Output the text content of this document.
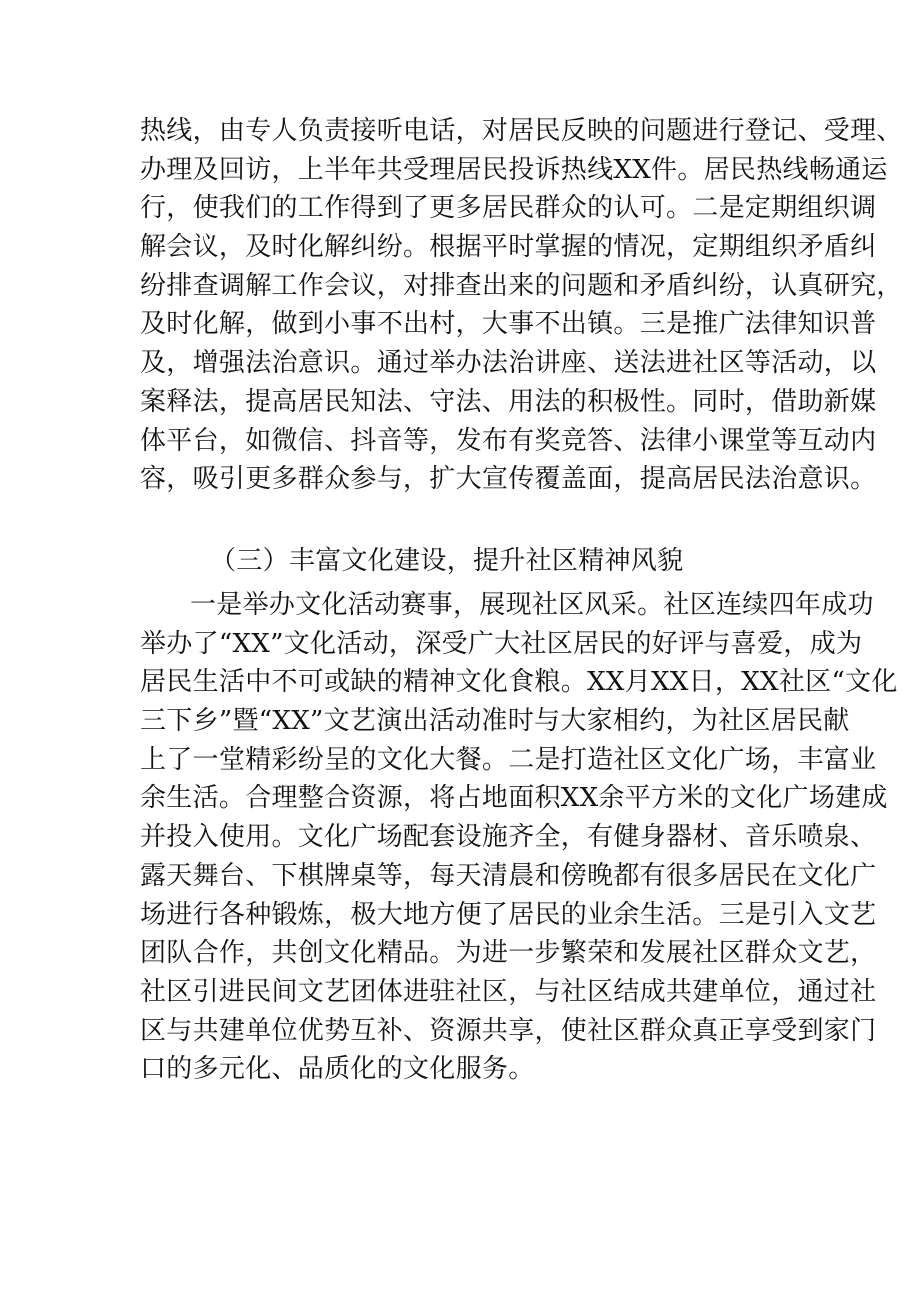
热线，由专人负责接听电话，对居民反映的问题进行登记、受理、
办理及回访，上半年共受理居民投诉热线XX件。居民热线畅通运
行，使我们的工作得到了更多居民群众的认可。二是定期组织调
解会议，及时化解纠纷。根据平时掌握的情况，定期组织矛盾纠
纷排查调解工作会议，对排查出来的问题和矛盾纠纷，认真研究，
及时化解，做到小事不出村，大事不出镇。三是推广法律知识普
及，增强法治意识。通过举办法治讲座、送法进社区等活动，以
案释法，提高居民知法、守法、用法的积极性。同时，借助新媒
体平台，如微信、抖音等，发布有奖竞答、法律小课堂等互动内
容，吸引更多群众参与，扩大宣传覆盖面，提高居民法治意识。
（三）丰富文化建设，提升社区精神风貌
一是举办文化活动赛事，展现社区风采。社区连续四年成功
举办了“XX”文化活动，深受广大社区居民的好评与喜爱，成为
居民生活中不可或缺的精神文化食粮。XX月XX日，XX社区“文化
三下乡”暨“XX”文艺演出活动准时与大家相约，为社区居民献
上了一堂精彩纷呈的文化大餐。二是打造社区文化广场，丰富业
余生活。合理整合资源，将占地面积XX余平方米的文化广场建成
并投入使用。文化广场配套设施齐全，有健身器材、音乐喷泉、
露天舞台、下棋牌桌等，每天清晨和傍晚都有很多居民在文化广
场进行各种锻炼，极大地方便了居民的业余生活。三是引入文艺
团队合作，共创文化精品。为进一步繁荣和发展社区群众文艺，
社区引进民间文艺团体进驻社区，与社区结成共建单位，通过社
区与共建单位优势互补、资源共享，使社区群众真正享受到家门
口的多元化、品质化的文化服务。
